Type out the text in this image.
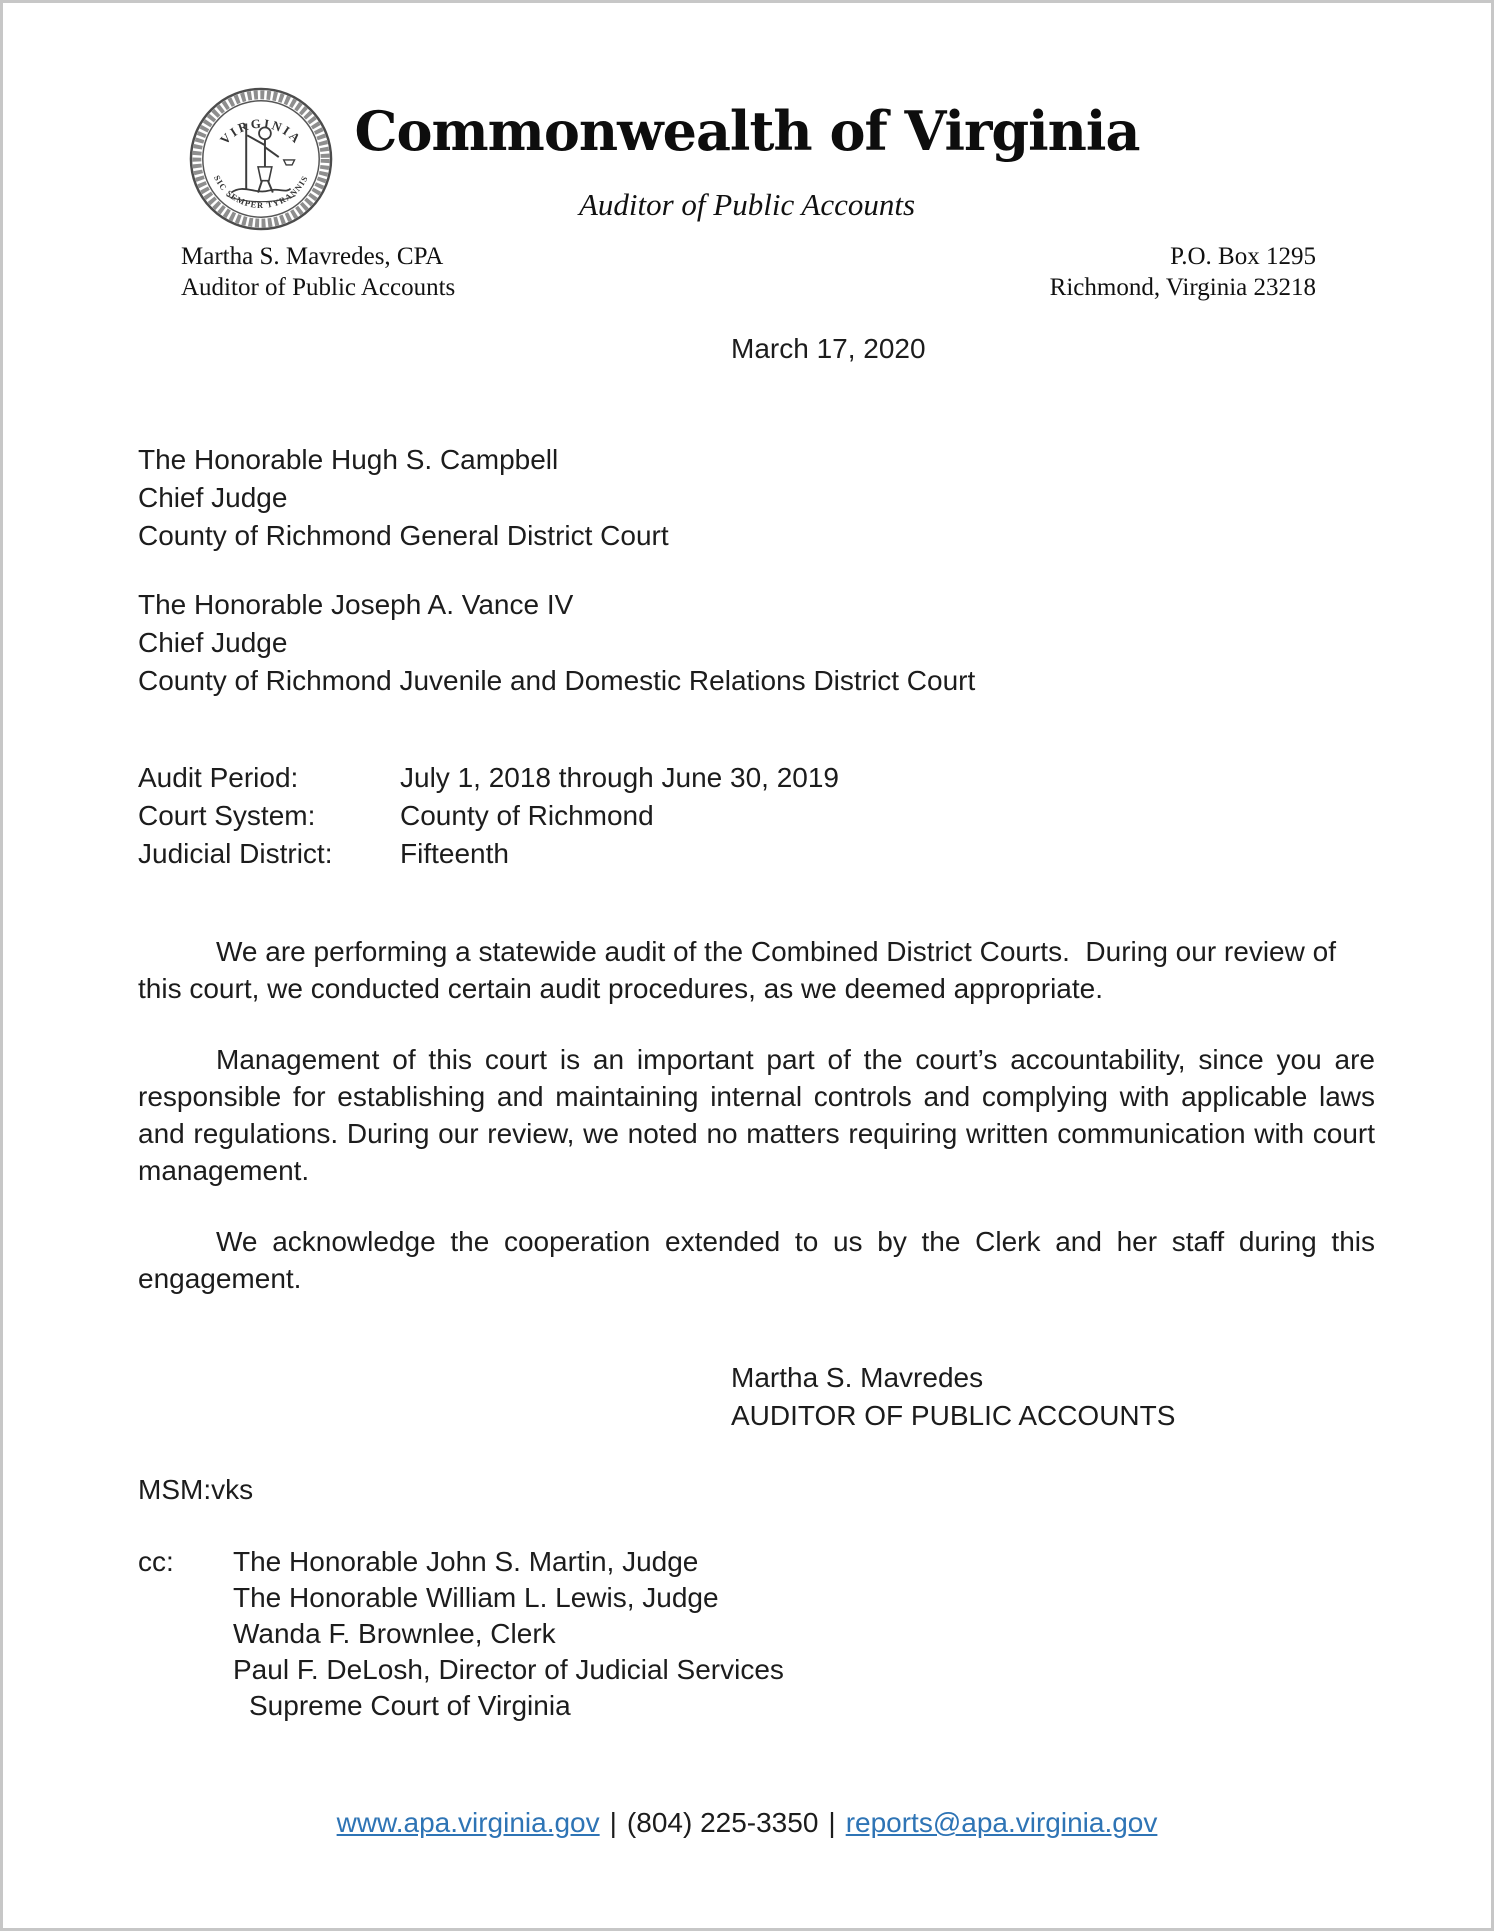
VIRGINIA
SIC SEMPER TYRANNIS
Commonwealth of Virginia
Auditor of Public Accounts
Martha S. Mavredes, CPA
Auditor of Public Accounts
P.O. Box 1295
Richmond, Virginia 23218
March 17, 2020
The Honorable Hugh S. Campbell
Chief Judge
County of Richmond General District Court
The Honorable Joseph A. Vance IV
Chief Judge
County of Richmond Juvenile and Domestic Relations District Court
Audit Period:	July 1, 2018 through June 30, 2019
Court System:	County of Richmond
Judicial District:	Fifteenth
We are performing a statewide audit of the Combined District Courts.  During our review of this court, we conducted certain audit procedures, as we deemed appropriate.
Management of this court is an important part of the court’s accountability, since you are responsible for establishing and maintaining internal controls and complying with applicable laws and regulations. During our review, we noted no matters requiring written communication with court management.
We acknowledge the cooperation extended to us by the Clerk and her staff during this engagement.
Martha S. Mavredes
AUDITOR OF PUBLIC ACCOUNTS
MSM:vks
cc: The Honorable John S. Martin, Judge
The Honorable William L. Lewis, Judge
Wanda F. Brownlee, Clerk
Paul F. DeLosh, Director of Judicial Services
Supreme Court of Virginia
www.apa.virginia.gov | (804) 225-3350 | reports@apa.virginia.gov
